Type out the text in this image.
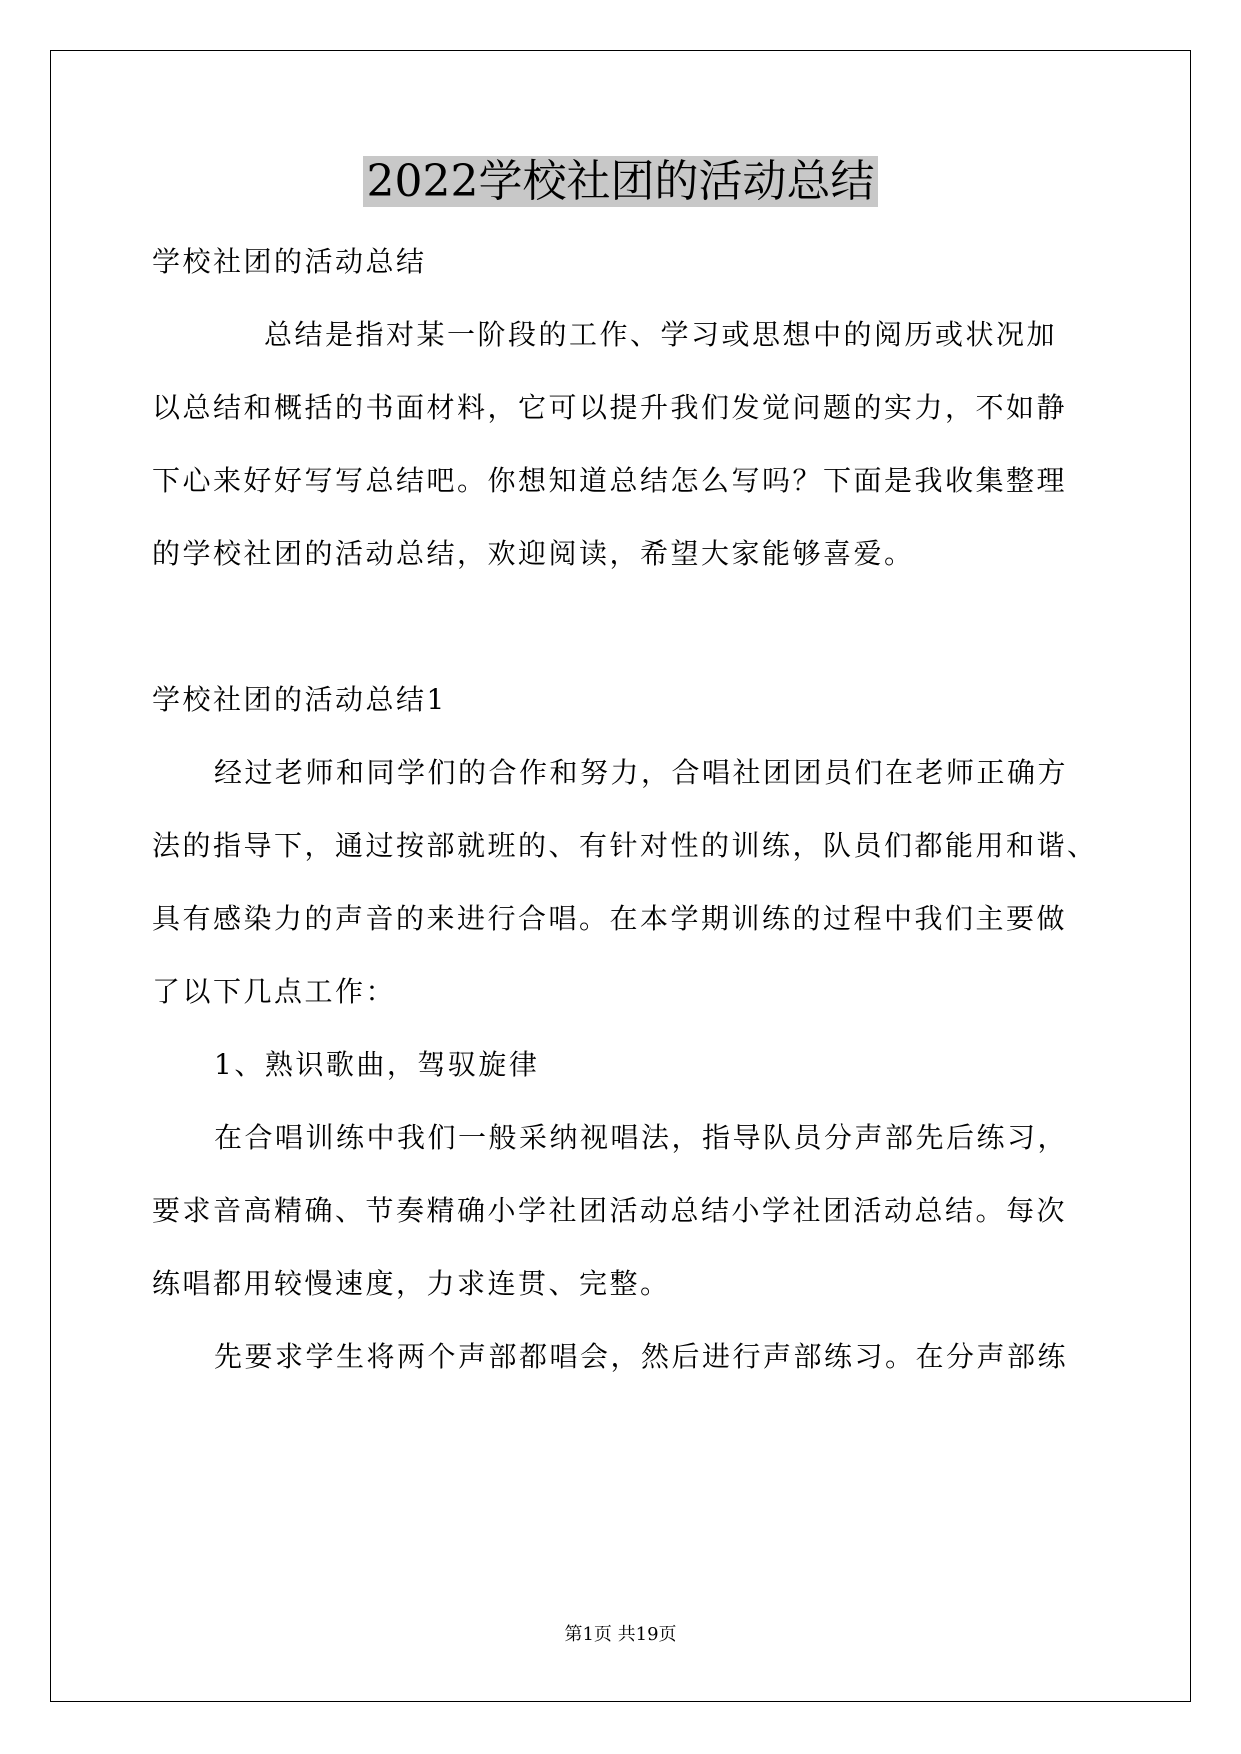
2022学校社团的活动总结

学校社团的活动总结

总结是指对某一阶段的工作、学习或思想中的阅历或状况加

以总结和概括的书面材料，它可以提升我们发觉问题的实力，不如静

下心来好好写写总结吧。你想知道总结怎么写吗？下面是我收集整理

的学校社团的活动总结，欢迎阅读，希望大家能够喜爱。

学校社团的活动总结1

经过老师和同学们的合作和努力，合唱社团团员们在老师正确方

法的指导下，通过按部就班的、有针对性的训练，队员们都能用和谐、

具有感染力的声音的来进行合唱。在本学期训练的过程中我们主要做

了以下几点工作：

1、熟识歌曲，驾驭旋律

在合唱训练中我们一般采纳视唱法，指导队员分声部先后练习，

要求音高精确、节奏精确小学社团活动总结小学社团活动总结。每次

练唱都用较慢速度，力求连贯、完整。

先要求学生将两个声部都唱会，然后进行声部练习。在分声部练

第1页 共19页
